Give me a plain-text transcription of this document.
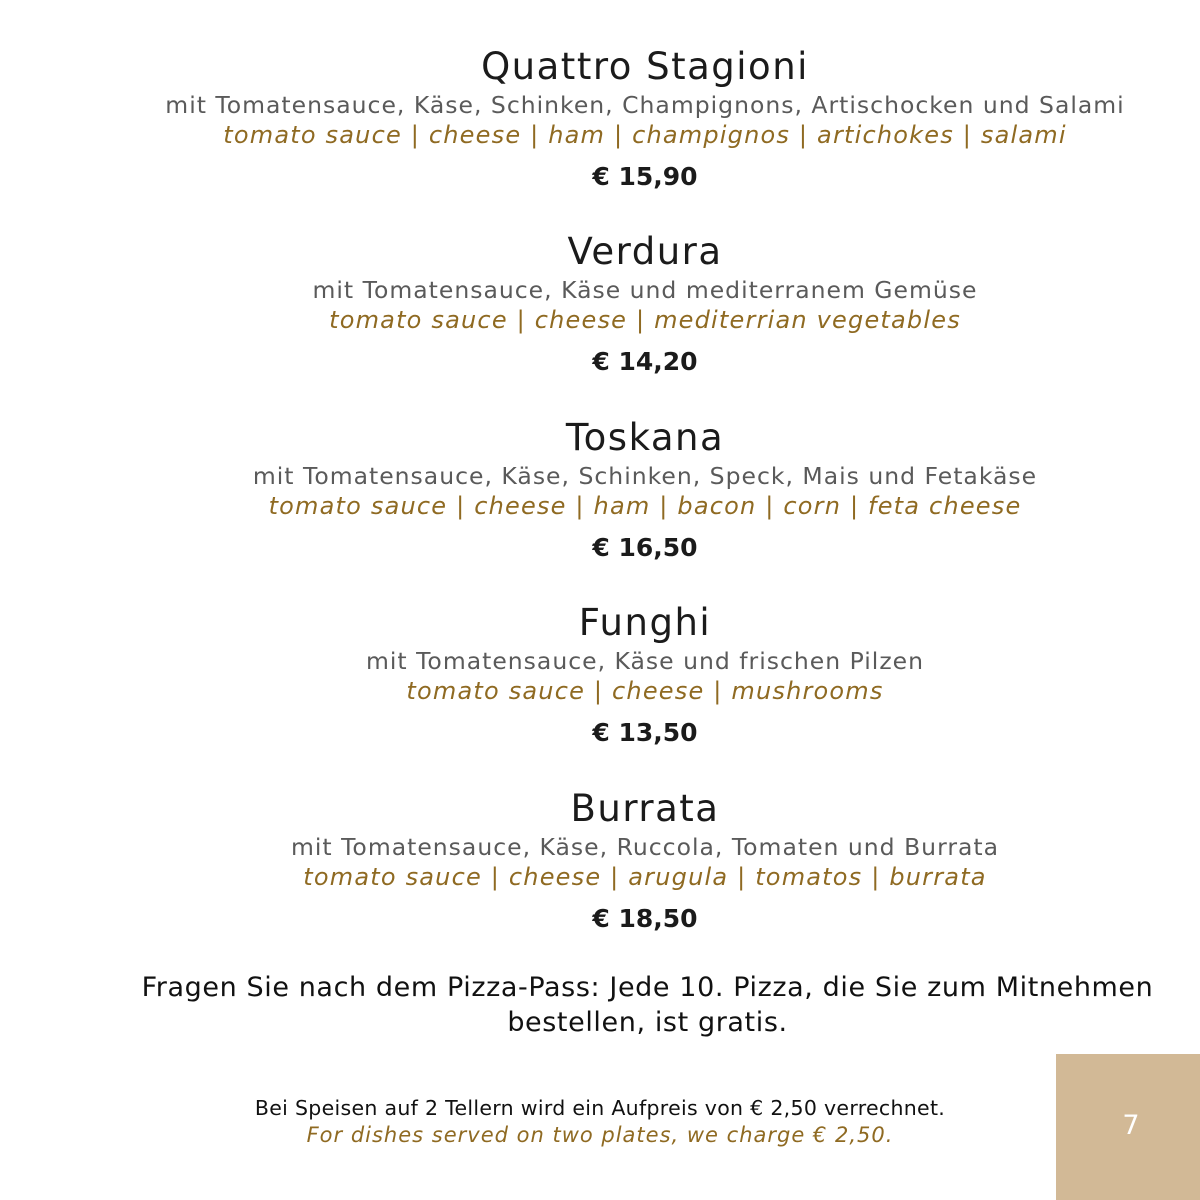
Quattro Stagioni
mit Tomatensauce, Käse, Schinken, Champignons, Artischocken und Salami
tomato sauce | cheese | ham | champignos | artichokes | salami
€ 15,90
Verdura
mit Tomatensauce, Käse und mediterranem Gemüse
tomato sauce | cheese | mediterrian vegetables
€ 14,20
Toskana
mit Tomatensauce, Käse, Schinken, Speck, Mais und Fetakäse
tomato sauce | cheese | ham | bacon | corn | feta cheese
€ 16,50
Funghi
mit Tomatensauce, Käse und frischen Pilzen
tomato sauce | cheese | mushrooms
€ 13,50
Burrata
mit Tomatensauce, Käse, Ruccola, Tomaten und Burrata
tomato sauce | cheese | arugula | tomatos | burrata
€ 18,50
Fragen Sie nach dem Pizza-Pass: Jede 10. Pizza, die Sie zum Mitnehmen bestellen, ist gratis.
Bei Speisen auf 2 Tellern wird ein Aufpreis von € 2,50 verrechnet.
For dishes served on two plates, we charge € 2,50.	7
